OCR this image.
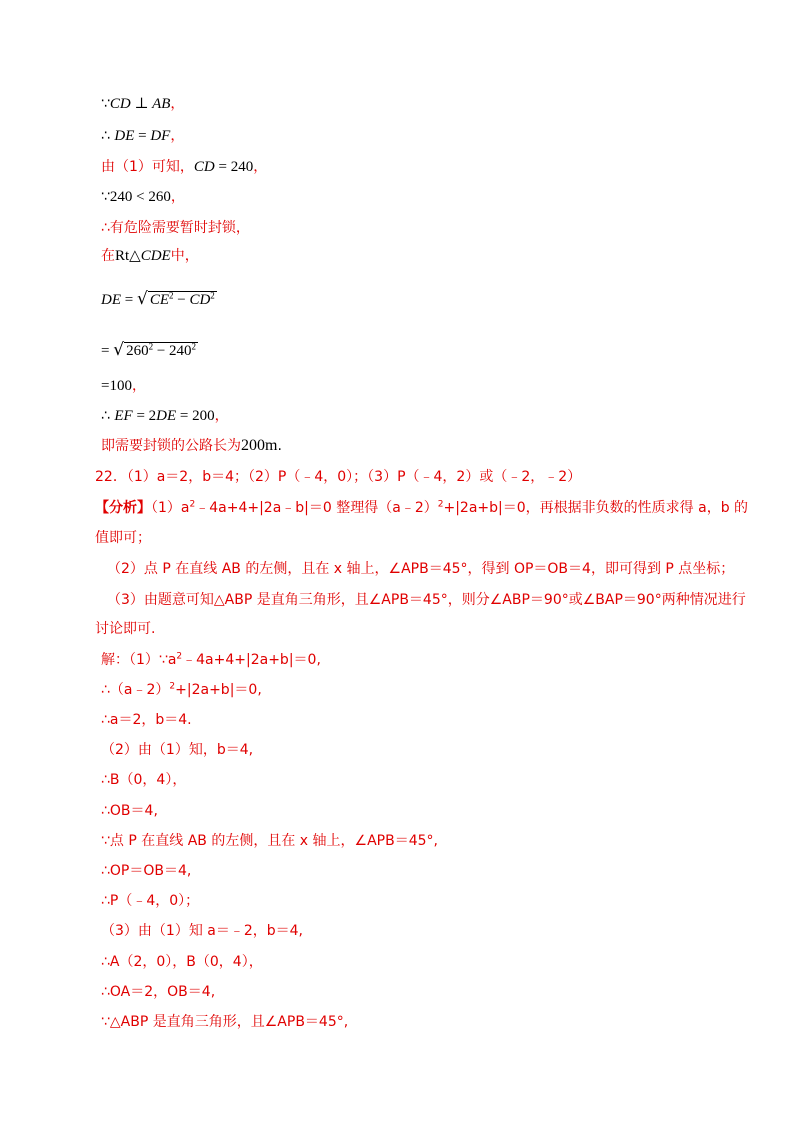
∵CD ⊥ AB，
∴ DE = DF，
由（1）可知，CD = 240，
∵240 < 260，
∴有危险需要暂时封锁，
在Rt△CDE中，
DE = √ $CE^2 - CD^2$
= √ $260^2 - 240^2$
=100，
∴ EF = 2DE = 200，
即需要封锁的公路长为200m.
22．（1）a＝2，b＝4；（2）P（﹣4，0）；（3）P（﹣4，2）或（﹣2，﹣2）
【分析】$(1)a^2﹣4a+4+|2a﹣b|=0$ 整理得（a﹣2）$^2$+|2a+b|＝0，再根据非负数的性质求得 a，b 的
值即可；
（2）点 P 在直线 AB 的左侧，且在 x 轴上，∠APB＝45°，得到 OP＝OB＝4，即可得到 P 点坐标；
（3）由题意可知△ABP 是直角三角形，且∠APB＝45°，则分∠ABP＝90°或∠BAP＝90°两种情况进行
讨论即可.
解：$(1)\because a^2﹣4a+4+|2a+b|=0$,
∴（a﹣2）$^2$+|2a+b|＝0,
∴a＝2，b＝4.
（2）由（1）知，b＝4,
∴B（0，4），
∴OB＝4,
∵点 P 在直线 AB 的左侧，且在 x 轴上，∠APB＝45°,
∴OP＝OB＝4,
∴P（﹣4，0）；
（3）由（1）知 a＝﹣2，b＝4,
∴A（2，0），B（0，4），
∴OA＝2，OB＝4,
∵△ABP 是直角三角形，且∠APB＝45°,
